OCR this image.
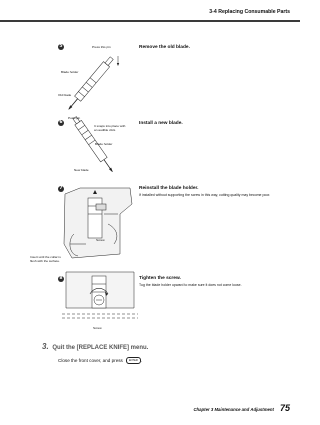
3-4 Replacing Consumable Parts
5	Remove the old blade.
Press this pin
Blade holder
Old blade
6	Install a new blade.
Push-pin
It snaps into place with
an audible click.
Blade holder
New blade
7	Reinstall the blade holder.
If installed without supporting the screw in this way, cutting quality may become poor.
Screw
Insert until the collar is
flush with the surface.
8	Tighten the screw.
Tug the blade holder upward to make sure it does not come loose.
Screw
3. Quit the [REPLACE KNIFE] menu.
Close the front cover, and press	ENTER .
Chapter 3 Maintenance and Adjustment 75
